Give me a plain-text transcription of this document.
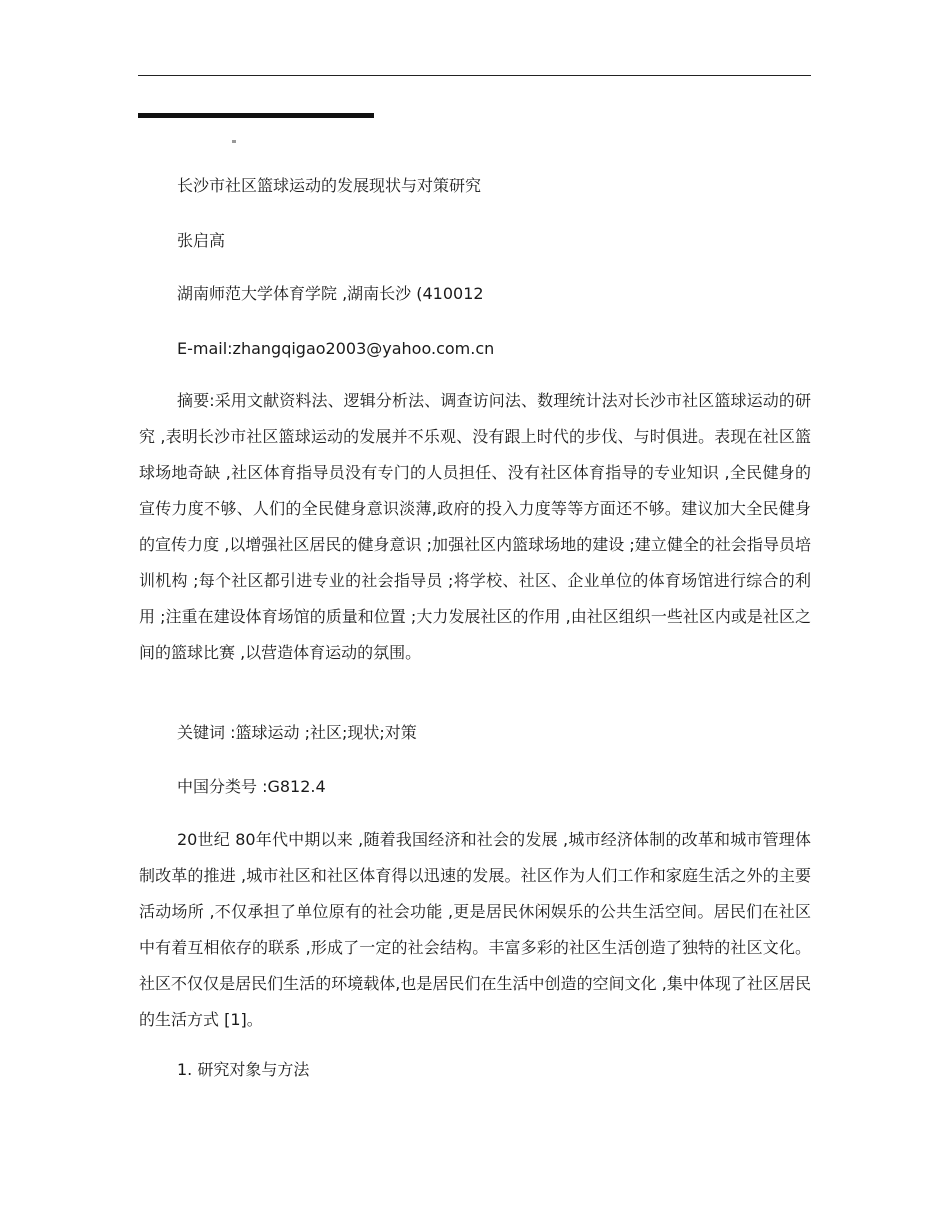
长沙市社区篮球运动的发展现状与对策研究
张启高
湖南师范大学体育学院 ,湖南长沙 (410012
E-mail:zhangqigao2003@yahoo.com.cn

摘要:采用文献资料法、逻辑分析法、调查访问法、数理统计法对长沙市社区篮球运动的研究 ,表明长沙市社区篮球运动的发展并不乐观、没有跟上时代的步伐、与时俱进。表现在社区篮球场地奇缺 ,社区体育指导员没有专门的人员担任、没有社区体育指导的专业知识 ,全民健身的宣传力度不够、人们的全民健身意识淡薄,政府的投入力度等等方面还不够。建议加大全民健身的宣传力度 ,以增强社区居民的健身意识 ;加强社区内篮球场地的建设 ;建立健全的社会指导员培训机构 ;每个社区都引进专业的社会指导员 ;将学校、社区、企业单位的体育场馆进行综合的利用 ;注重在建设体育场馆的质量和位置 ;大力发展社区的作用 ,由社区组织一些社区内或是社区之间的篮球比赛 ,以营造体育运动的氛围。

关键词 :篮球运动 ;社区;现状;对策
中国分类号 :G812.4

20世纪 80年代中期以来 ,随着我国经济和社会的发展 ,城市经济体制的改革和城市管理体制改革的推进 ,城市社区和社区体育得以迅速的发展。社区作为人们工作和家庭生活之外的主要活动场所 ,不仅承担了单位原有的社会功能 ,更是居民休闲娱乐的公共生活空间。居民们在社区中有着互相依存的联系 ,形成了一定的社会结构。丰富多彩的社区生活创造了独特的社区文化。社区不仅仅是居民们生活的环境载体,也是居民们在生活中创造的空间文化 ,集中体现了社区居民的生活方式 [1]。

1. 研究对象与方法
